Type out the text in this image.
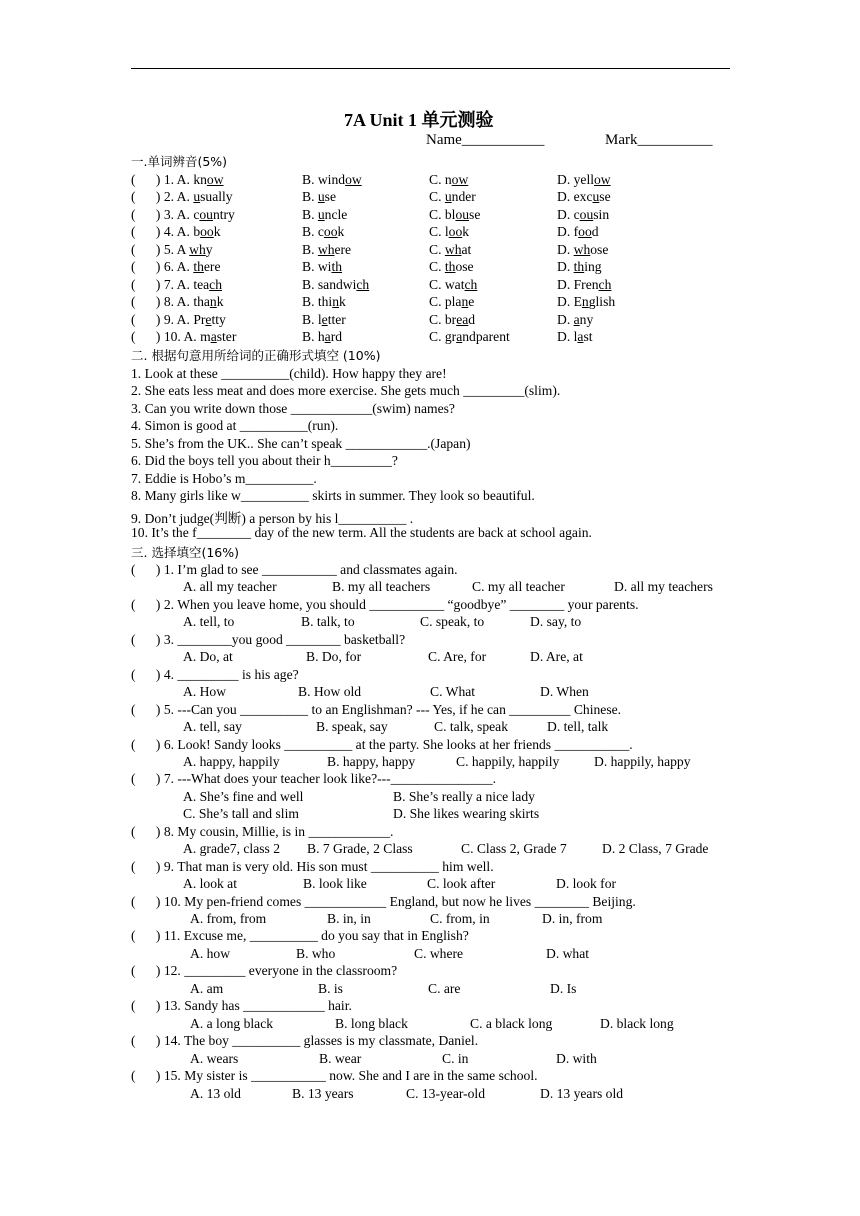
7A Unit 1 单元测验
Name___________	Mark__________
一.单词辨音(5%)
(      ) 1. A. know	B. window	C. now	D. yellow
(      ) 2. A. usually	B. use	C. under	D. excuse
(      ) 3. A. country	B. uncle	C. blouse	D. cousin
(      ) 4. A. book	B. cook	C. look	D. food
(      ) 5. A why	B. where	C. what	D. whose
(      ) 6. A. there	B. with	C. those	D. thing
(      ) 7. A. teach	B. sandwich	C. watch	D. French
(      ) 8. A. thank	B. think	C. plane	D. English
(      ) 9. A. Pretty	B. letter	C. bread	D. any
(      ) 10. A. master	B. hard	C. grandparent	D. last
二. 根据句意用所给词的正确形式填空 (10%)
1. Look at these __________(child). How happy they are!
2. She eats less meat and does more exercise. She gets much _________(slim).
3. Can you write down those ____________(swim) names?
4. Simon is good at __________(run).
5. She’s from the UK.. She can’t speak ____________.(Japan)
6. Did the boys tell you about their h_________?
7. Eddie is Hobo’s m__________.
8. Many girls like w__________ skirts in summer. They look so beautiful.
9. Don’t judge(判断) a person by his l__________ .
10. It’s the f________ day of the new term. All the students are back at school again.
三. 选择填空(16%)
(      ) 1. I’m glad to see ___________ and classmates again.
A. all my teacher	B. my all teachers	C. my all teacher	D. all my teachers
(      ) 2. When you leave home, you should ___________ “goodbye” ________ your parents.
A. tell, to	B. talk, to	C. speak, to	D. say, to
(      ) 3. ________you good ________ basketball?
A. Do, at	B. Do, for	C. Are, for	D. Are, at
(      ) 4. _________ is his age?
A. How	B. How old	C. What	D. When
(      ) 5. ---Can you __________ to an Englishman? --- Yes, if he can _________ Chinese.
A. tell, say	B. speak, say	C. talk, speak	D. tell, talk
(      ) 6. Look! Sandy looks __________ at the party. She looks at her friends ___________.
A. happy, happily	B. happy, happy	C. happily, happily	D. happily, happy
(      ) 7. ---What does your teacher look like?---_______________.
A. She’s fine and well	B. She’s really a nice lady
C. She’s tall and slim	D. She likes wearing skirts
(      ) 8. My cousin, Millie, is in ____________.
A. grade7, class 2 B. 7 Grade, 2 Class	C. Class 2, Grade 7	D. 2 Class, 7 Grade
(      ) 9. That man is very old. His son must __________ him well.
A. look at	B. look like	C. look after	D. look for
(      ) 10. My pen-friend comes ____________ England, but now he lives ________ Beijing.
A. from, from	B. in, in	C. from, in	D. in, from
(      ) 11. Excuse me, __________ do you say that in English?
A. how	B. who	C. where	D. what
(      ) 12. _________ everyone in the classroom?
A. am	B. is	C. are	D. Is
(      ) 13. Sandy has ____________ hair.
A. a long black	B. long black	C. a black long	D. black long
(      ) 14. The boy __________ glasses is my classmate, Daniel.
A. wears	B. wear	C. in	D. with
(      ) 15. My sister is ___________ now. She and I are in the same school.
A. 13 old	B. 13 years	C. 13-year-old	D. 13 years old
